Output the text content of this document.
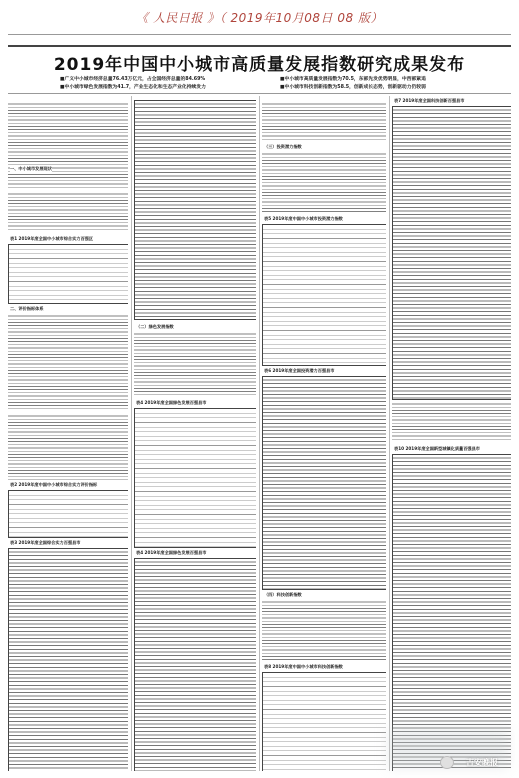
《 人民日报 》（ 2019年10月08日 08 版）
2019年中国中小城市高质量发展指数研究成果发布
■广义中小城市经济总量76.43万亿元，占全国经济总量的84.69%
■中小城市绿色发展指数为41.7，产业生态化和生态产业化持续发力
■中小城市高质量发展指数为70.5，东部先发优势明显，中西部紧追
■中小城市科技创新指数为58.5，创新成长态势，创新驱动力仍较弱
一、中小城市发展现状
表1 2019年度全国中小城市综合实力百强区
二、评价指标体系
表2 2019年度中国中小城市综合实力评价指标
表3 2019年度全国综合实力百强县市
（二）绿色发展指数
表4 2019年度全国绿色发展百强县市
表4 2019年度全国绿色发展百强县市
（三）投资潜力指数
表5 2019年度中国中小城市投资潜力指数
表6 2019年度全国投资潜力百强县市
（四）科技创新指数
表8 2019年度中国中小城市科技创新指数
表7 2019年度全国科技创新百强县市
表10 2019年度全国新型城镇化质量百强县市
吉安晚报
